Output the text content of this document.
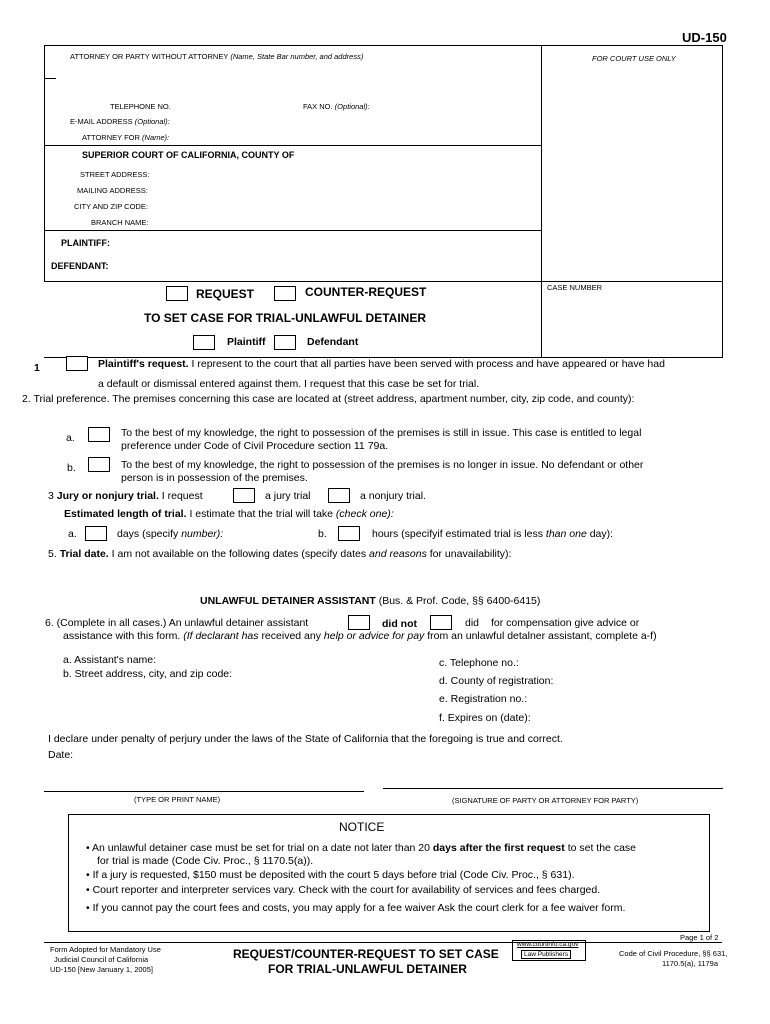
UD-150
ATTORNEY OR PARTY WITHOUT ATTORNEY (Name, State Bar number, and address)
TELEPHONE NO.	FAX NO. (Optional):
E-MAIL ADDRESS (Optional):
ATTORNEY FOR (Name):
FOR COURT USE ONLY
SUPERIOR COURT OF CALIFORNIA, COUNTY OF
STREET ADDRESS:
MAILING ADDRESS:
CITY AND ZIP CODE:
BRANCH NAME:
PLAINTIFF:
DEFENDANT:
REQUEST	COUNTER-REQUEST
TO SET CASE FOR TRIAL-UNLAWFUL DETAINER
Plaintiff	Defendant
CASE NUMBER
1	Plaintiff's request. I represent to the court that all parties have been served with process and have appeared or have had
a default or dismissal entered against them. I request that this case be set for trial.
2. Trial preference. The premises concerning this case are located at (street address, apartment number, city, zip code, and county):
a.	To the best of my knowledge, the right to possession of the premises is still in issue. This case is entitled to legal
preference under Code of Civil Procedure section 11 79a.
b.	To the best of my knowledge, the right to possession of the premises is no longer in issue. No defendant or other
person is in possession of the premises.
3 Jury or nonjury trial. I request	a jury trial	a nonjury trial.
Estimated length of trial. I estimate that the trial will take (check one):
a.	days (specify number):	b.	hours (specifyif estimated trial is less than one day):
5. Trial date. I am not available on the following dates (specify dates and reasons for unavailability):
UNLAWFUL DETAINER ASSISTANT (Bus. & Prof. Code, §§ 6400-6415)
6. (Complete in all cases.) An unlawful detainer assistant	did not	did for compensation give advice or
assistance with this form. (If declarant has received any help or advice for pay from an unlawful detalner assistant, complete a-f)
a. Assistant's name:
b. Street address, city, and zip code:
c. Telephone no.:
d. County of registration:
e. Registration no.:
f. Expires on (date):
I declare under penalty of perjury under the laws of the State of California that the foregoing is true and correct.
Date:
(TYPE OR PRINT NAME)	(SIGNATURE OF PARTY OR ATTORNEY FOR PARTY)
NOTICE
• An unlawful detainer case must be set for trial on a date not later than 20 days after the first request to set the case
for trial is made (Code Civ. Proc., § 1170.5(a)).
• If a jury is requested, $150 must be deposited with the court 5 days before trial (Code Civ. Proc., § 631).
• Court reporter and interpreter services vary. Check with the court for availability of services and fees charged.
• If you cannot pay the court fees and costs, you may apply for a fee waiver Ask the court clerk for a fee waiver form.
Page 1 of 2
Form Adopted for Mandatory Use
Judicial Council of California
UD-150 [New January 1, 2005]
REQUEST/COUNTER-REQUEST TO SET CASE
FOR TRIAL-UNLAWFUL DETAINER
www.courtinfo.ca.gov
Law Publishers	Code of Civil Procedure, §§ 631,
1170.5(a), 1179a
